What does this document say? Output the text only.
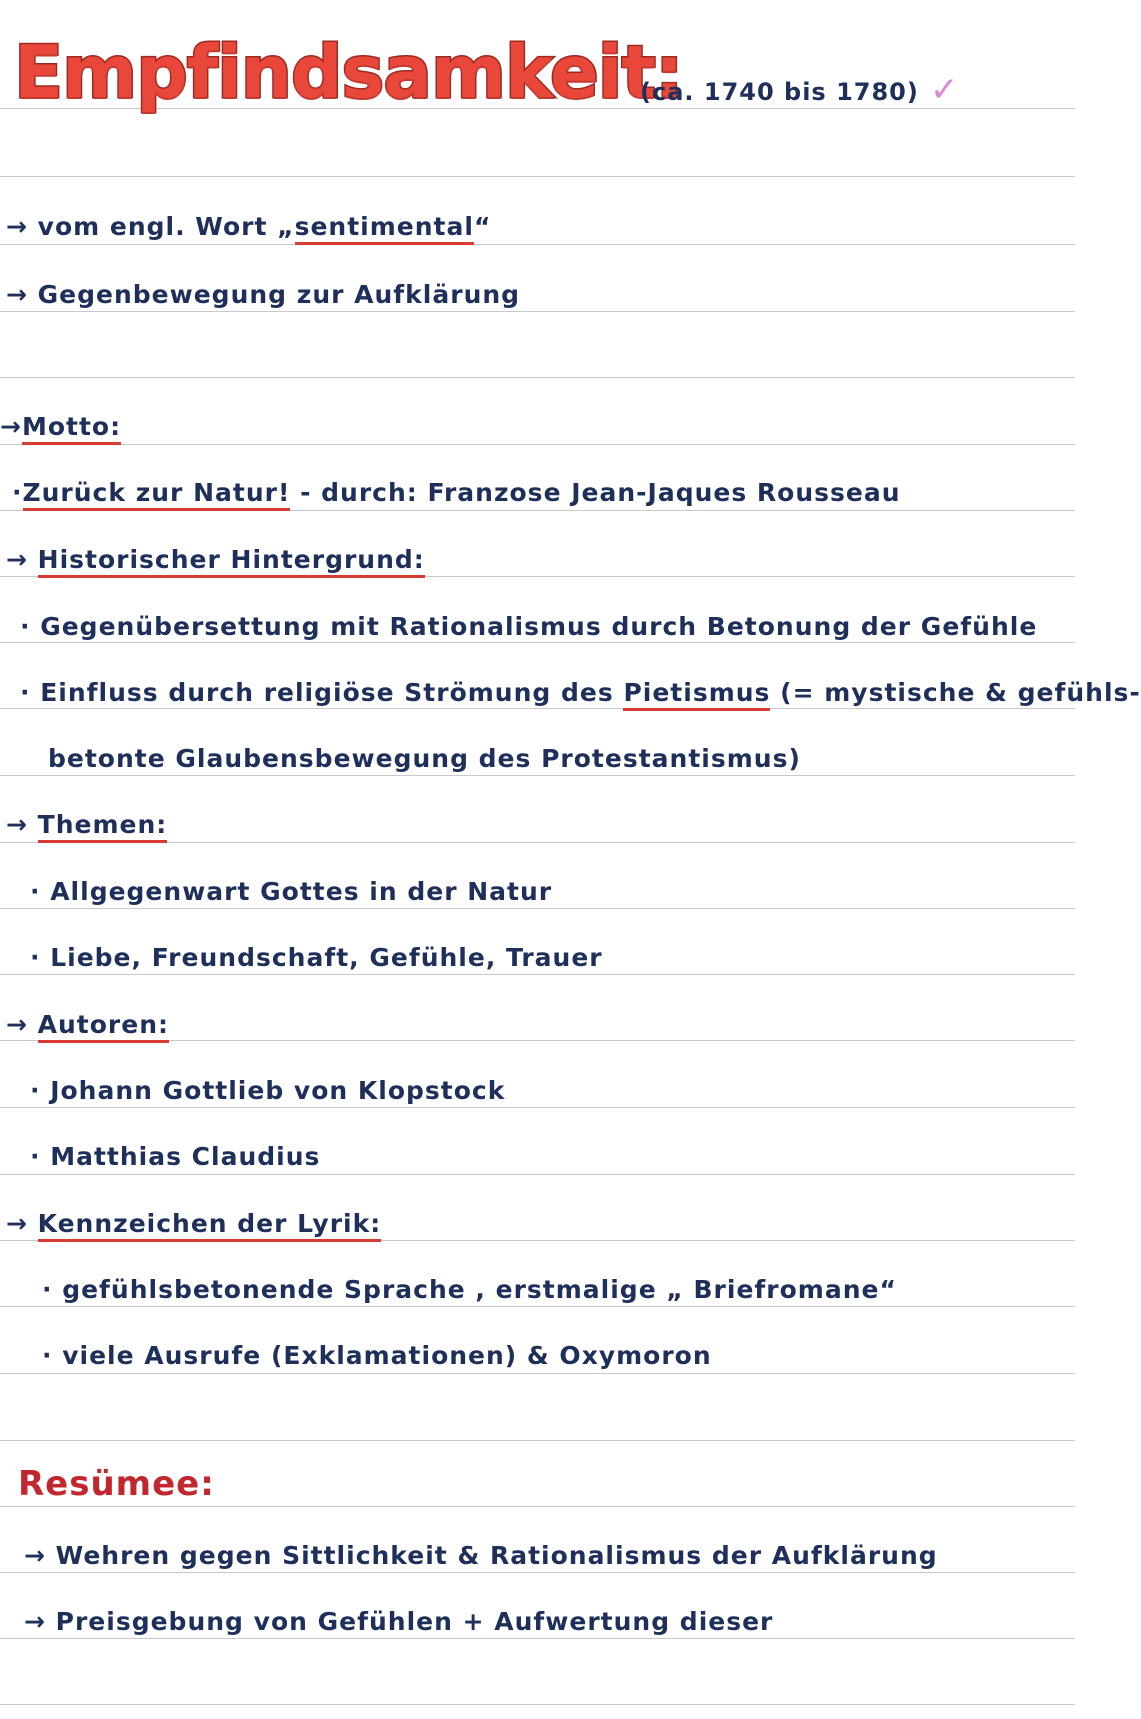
Empfindsamkeit:
(ca. 1740 bis 1780) ✓
→ vom engl. Wort „sentimental“
→ Gegenbewegung zur Aufklärung
→Motto:
·Zurück zur Natur! - durch: Franzose Jean-Jaques Rousseau
→ Historischer Hintergrund:
· Gegenübersettung mit Rationalismus durch Betonung der Gefühle
· Einfluss durch religiöse Strömung des Pietismus (= mystische & gefühls-
betonte Glaubensbewegung des Protestantismus)
→ Themen:
· Allgegenwart Gottes in der Natur
· Liebe, Freundschaft, Gefühle, Trauer
→ Autoren:
· Johann Gottlieb von Klopstock
· Matthias Claudius
→ Kennzeichen der Lyrik:
· gefühlsbetonende Sprache , erstmalige „ Briefromane“
· viele Ausrufe (Exklamationen) & Oxymoron
Resümee:
→ Wehren gegen Sittlichkeit & Rationalismus der Aufklärung
→ Preisgebung von Gefühlen + Aufwertung dieser
